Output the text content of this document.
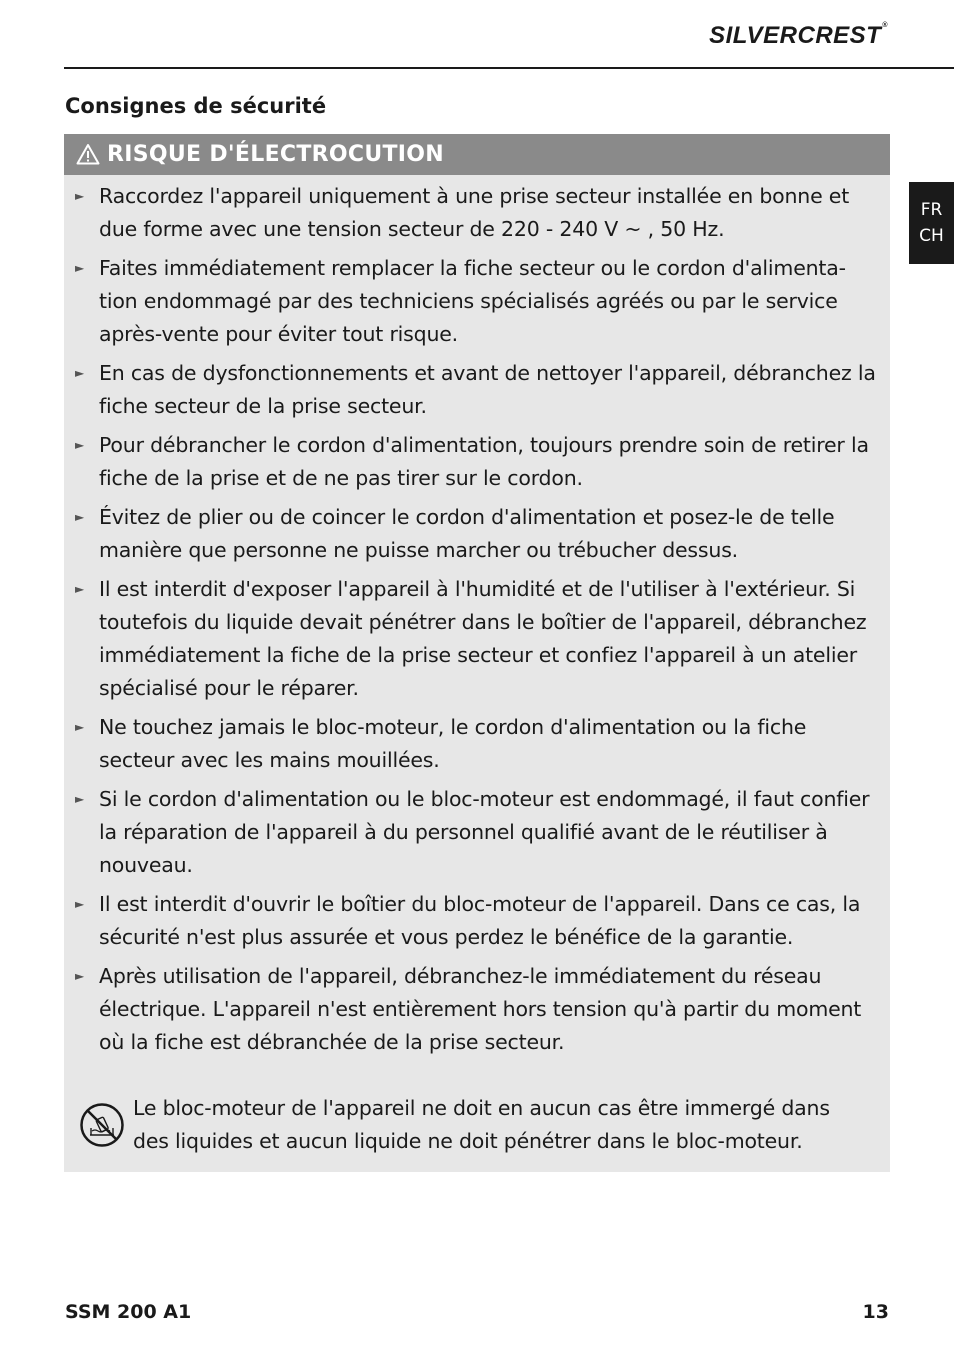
SILVERCREST®
Consignes de sécurité
FR
CH
RISQUE D'ÉLECTROCUTION
► Raccordez l'appareil uniquement à une prise secteur installée en bonne et due forme avec une tension secteur de 220 - 240 V ~ , 50 Hz.
► Faites immédiatement remplacer la fiche secteur ou le cordon d'alimenta-tion endommagé par des techniciens spécialisés agréés ou par le service après-vente pour éviter tout risque.
► En cas de dysfonctionnements et avant de nettoyer l'appareil, débranchez la fiche secteur de la prise secteur.
► Pour débrancher le cordon d'alimentation, toujours prendre soin de retirer la fiche de la prise et de ne pas tirer sur le cordon.
► Évitez de plier ou de coincer le cordon d'alimentation et posez-le de telle manière que personne ne puisse marcher ou trébucher dessus.
► Il est interdit d'exposer l'appareil à l'humidité et de l'utiliser à l'extérieur. Si toutefois du liquide devait pénétrer dans le boîtier de l'appareil, débranchez immédiatement la fiche de la prise secteur et confiez l'appareil à un atelier spécialisé pour le réparer.
► Ne touchez jamais le bloc-moteur, le cordon d'alimentation ou la fiche secteur avec les mains mouillées.
► Si le cordon d'alimentation ou le bloc-moteur est endommagé, il faut confier la réparation de l'appareil à du personnel qualifié avant de le réutiliser à nouveau.
► Il est interdit d'ouvrir le boîtier du bloc-moteur de l'appareil. Dans ce cas, la sécurité n'est plus assurée et vous perdez le bénéfice de la garantie.
► Après utilisation de l'appareil, débranchez-le immédiatement du réseau électrique. L'appareil n'est entièrement hors tension qu'à partir du moment où la fiche est débranchée de la prise secteur.
Le bloc-moteur de l'appareil ne doit en aucun cas être immergé dans des liquides et aucun liquide ne doit pénétrer dans le bloc-moteur.
SSM 200 A1	13
